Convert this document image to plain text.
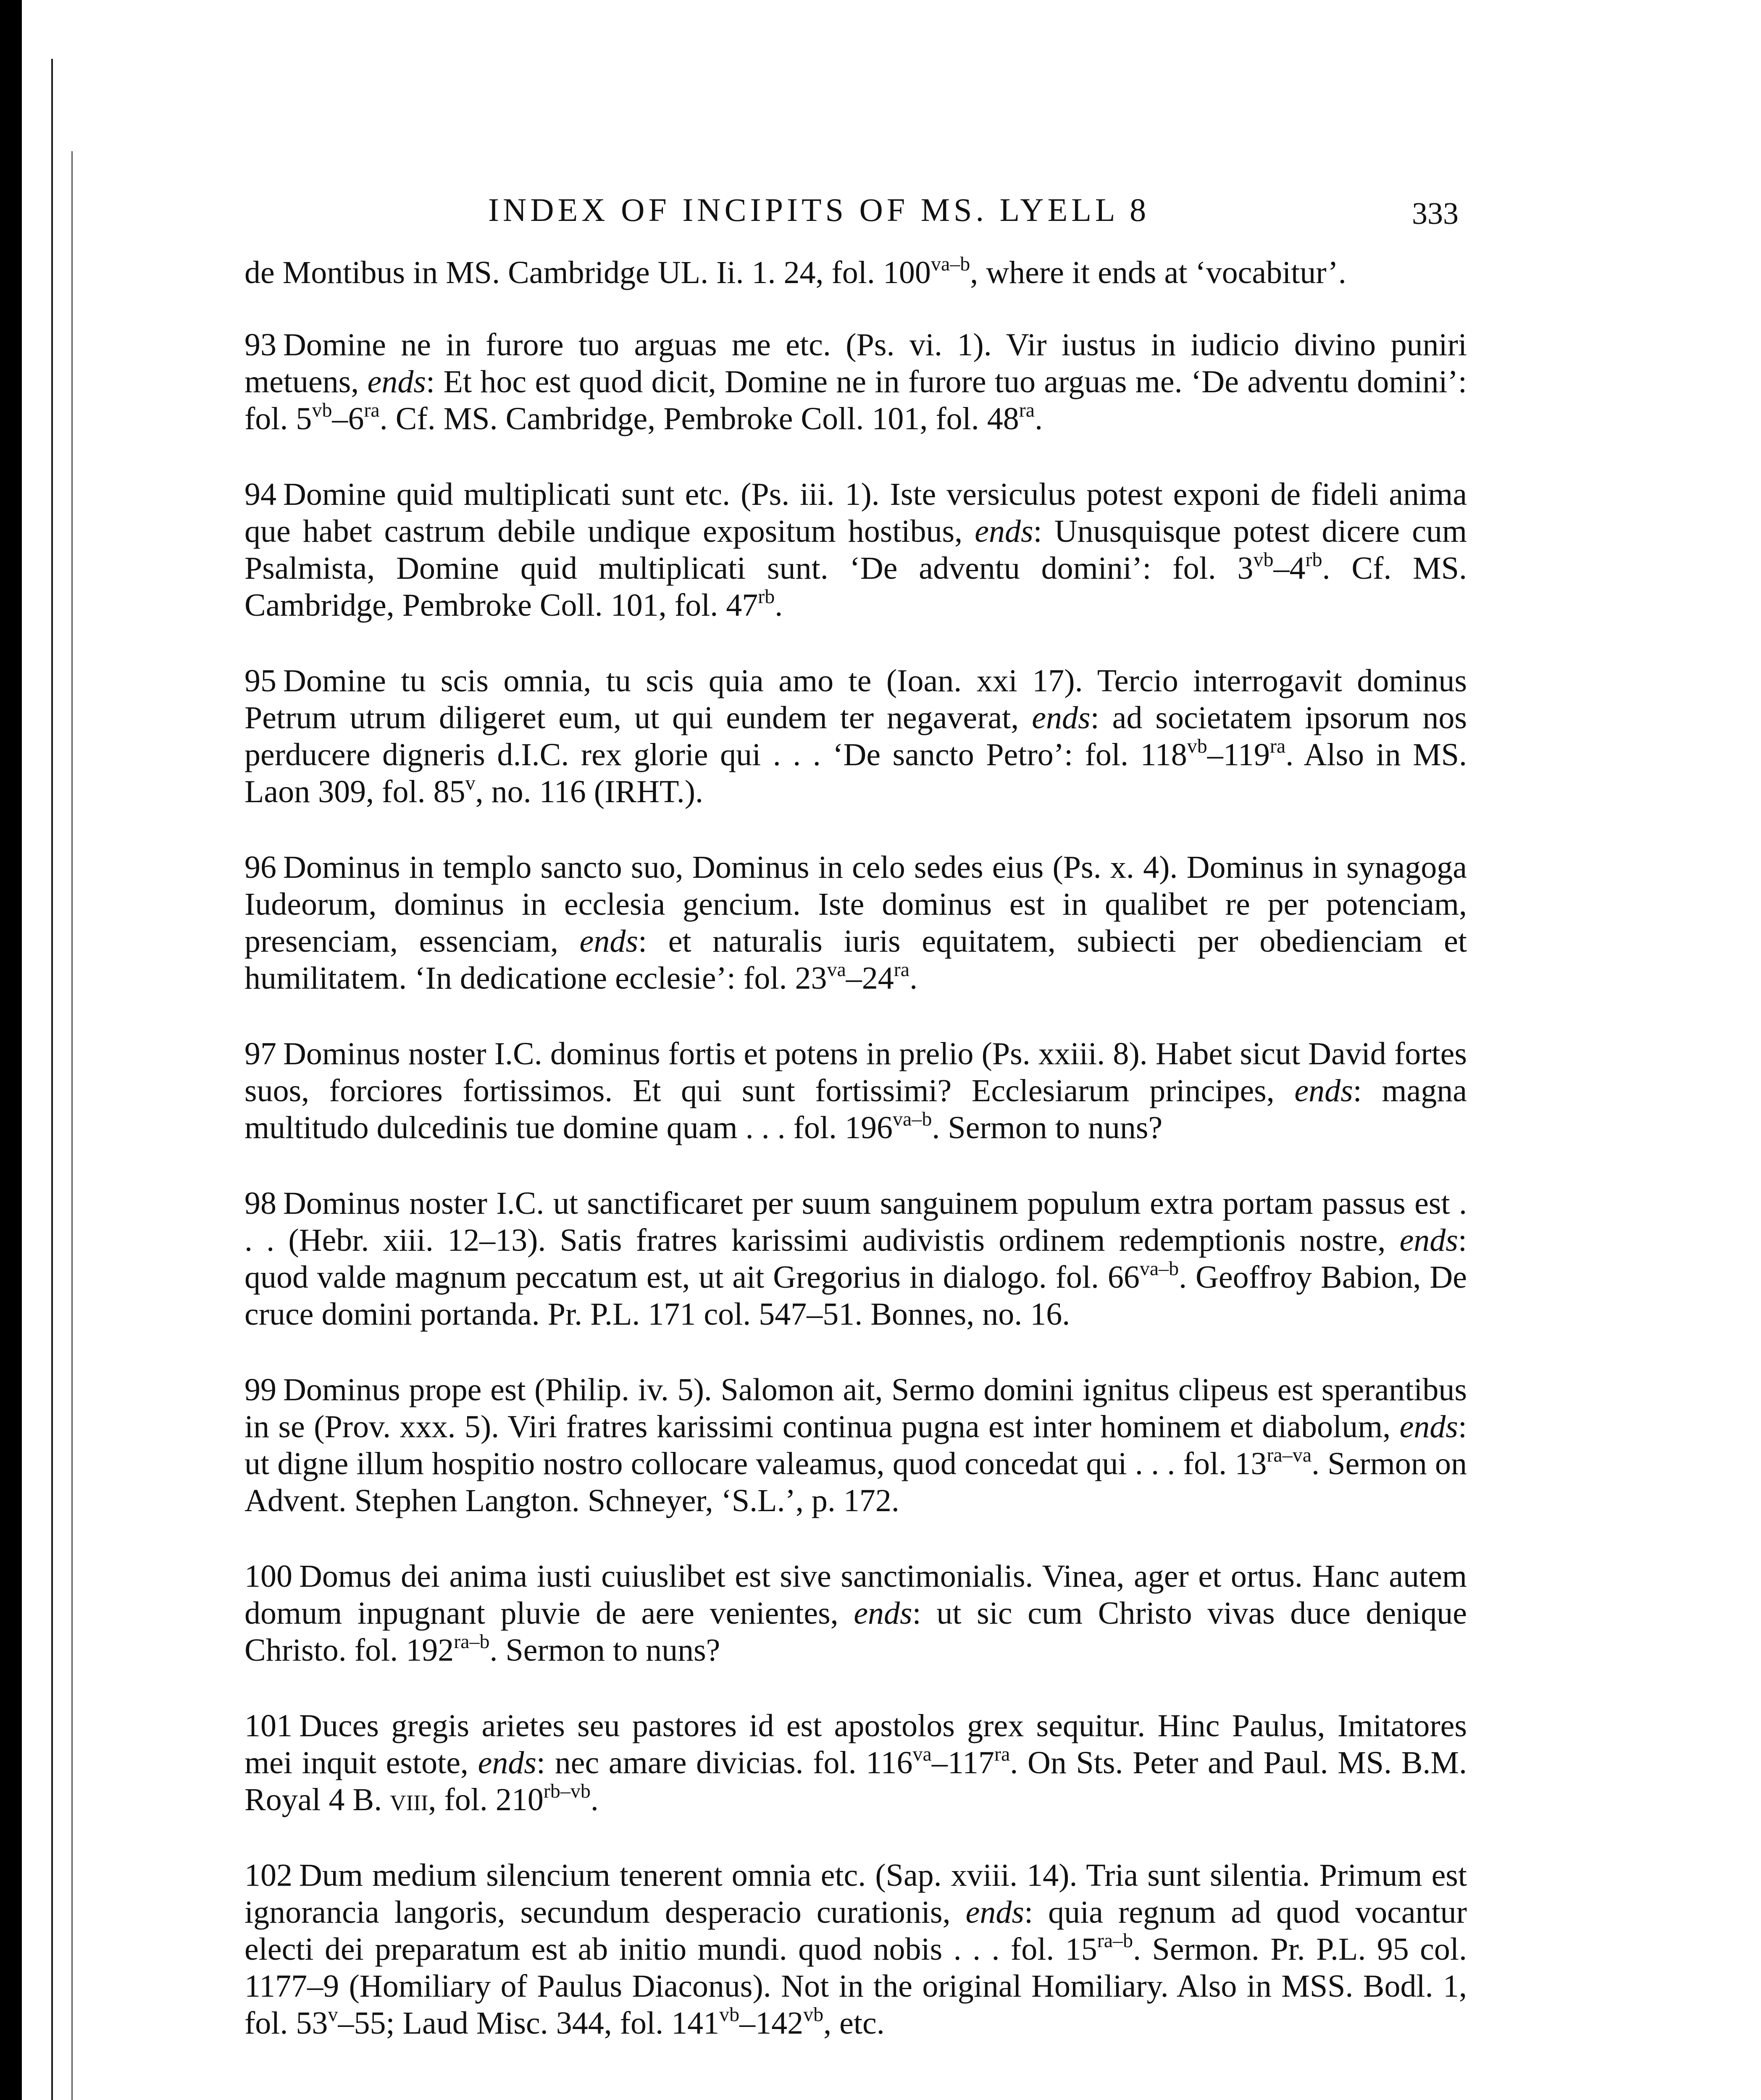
INDEX OF INCIPITS OF MS. LYELL 8	333

de Montibus in MS. Cambridge UL. Ii. 1. 24, fol. $100^{va-b}$, where it ends at ‘vocabitur’.

93 Domine ne in furore tuo arguas me etc. (Ps. vi. 1). Vir iustus in iudicio divino puniri metuens, ends: Et hoc est quod dicit, Domine ne in furore tuo arguas me. ‘De adventu domini’: fol. $5^{vb}-6^{ra}$. Cf. MS. Cambridge, Pembroke Coll. 101, fol. $48^{ra}$.

94 Domine quid multiplicati sunt etc. (Ps. iii. 1). Iste versiculus potest exponi de fideli anima que habet castrum debile undique expositum hostibus, ends: Unusquisque potest dicere cum Psalmista, Domine quid multiplicati sunt. ‘De adventu domini’: fol. $3^{vb}-4^{rb}$. Cf. MS. Cambridge, Pembroke Coll. 101, fol. $47^{rb}$.

95 Domine tu scis omnia, tu scis quia amo te (Ioan. xxi 17). Tercio interrogavit dominus Petrum utrum diligeret eum, ut qui eundem ter negaverat, ends: ad societatem ipsorum nos perducere digneris d.I.C. rex glorie qui . . . ‘De sancto Petro’: fol. $118^{vb}-119^{ra}$. Also in MS. Laon 309, fol. 85$^v$, no. 116 (IRHT.).

96 Dominus in templo sancto suo, Dominus in celo sedes eius (Ps. x. 4). Dominus in synagoga Iudeorum, dominus in ecclesia gencium. Iste dominus est in qualibet re per potenciam, presenciam, essenciam, ends: et naturalis iuris equitatem, subiecti per obedienciam et humilitatem. ‘In dedicatione ecclesie’: fol. $23^{va}-24^{ra}$.

97 Dominus noster I.C. dominus fortis et potens in prelio (Ps. xxiii. 8). Habet sicut David fortes suos, forciores fortissimos. Et qui sunt fortissimi? Ecclesiarum principes, ends: magna multitudo dulcedinis tue domine quam . . . fol. $196^{va-b}$. Sermon to nuns?

98 Dominus noster I.C. ut sanctificaret per suum sanguinem populum extra portam passus est . . . (Hebr. xiii. 12–13). Satis fratres karissimi audivistis ordinem redemptionis nostre, ends: quod valde magnum peccatum est, ut ait Gregorius in dialogo. fol. $66^{va-b}$. Geoffroy Babion, De cruce domini portanda. Pr. P.L. 171 col. 547–51. Bonnes, no. 16.

99 Dominus prope est (Philip. iv. 5). Salomon ait, Sermo domini ignitus clipeus est sperantibus in se (Prov. xxx. 5). Viri fratres karissimi continua pugna est inter hominem et diabolum, ends: ut digne illum hospitio nostro collocare valeamus, quod concedat qui . . . fol. $13^{ra-va}$. Sermon on Advent. Stephen Langton. Schneyer, ‘S.L.’, p. 172.

100 Domus dei anima iusti cuiuslibet est sive sanctimonialis. Vinea, ager et ortus. Hanc autem domum inpugnant pluvie de aere venientes, ends: ut sic cum Christo vivas duce denique Christo. fol. $192^{ra-b}$. Sermon to nuns?

101 Duces gregis arietes seu pastores id est apostolos grex sequitur. Hinc Paulus, Imitatores mei inquit estote, ends: nec amare divicias. fol. $116^{va}-117^{ra}$. On Sts. Peter and Paul. MS. B.M. Royal 4 B. viii, fol. $210^{rb-vb}$.

102 Dum medium silencium tenerent omnia etc. (Sap. xviii. 14). Tria sunt silentia. Primum est ignorancia langoris, secundum desperacio curationis, ends: quia regnum ad quod vocantur electi dei preparatum est ab initio mundi. quod nobis . . . fol. $15^{ra-b}$. Sermon. Pr. P.L. 95 col. 1177–9 (Homiliary of Paulus Diaconus). Not in the original Homiliary. Also in MSS. Bodl. 1, fol. 53$^v$–55; Laud Misc. 344, fol. $141^{vb}-142^{vb}$, etc.
